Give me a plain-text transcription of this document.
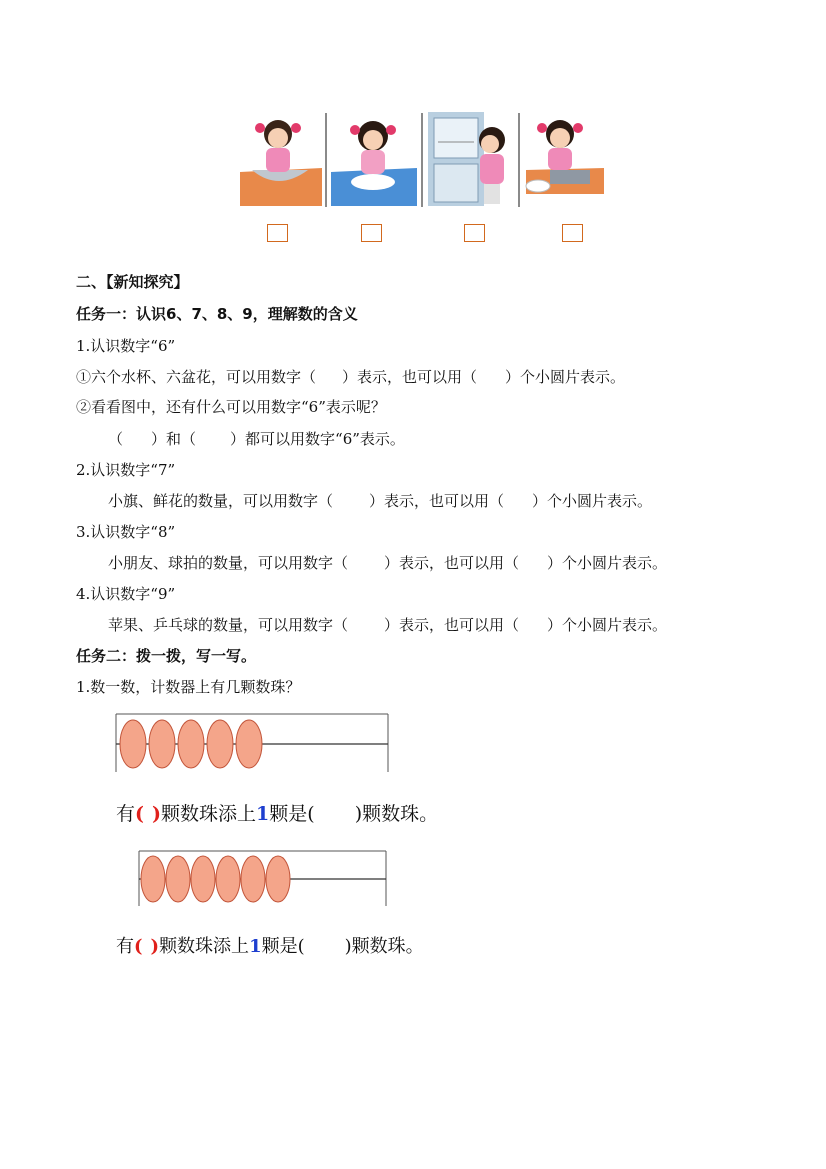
二、【新知探究】
任务一：认识6、7、8、9，理解数的含义
1.认识数字“6”
①六个水杯、六盆花，可以用数字（ ）表示，也可以用（ ）个小圆片表示。
②看看图中，还有什么可以用数字“6”表示呢？
（ ）和（ ）都可以用数字“6”表示。
2.认识数字“7”
小旗、鲜花的数量，可以用数字（ ）表示，也可以用（ ）个小圆片表示。
3.认识数字“8”
小朋友、球拍的数量，可以用数字（ ）表示，也可以用（ ）个小圆片表示。
4.认识数字“9”
苹果、乒乓球的数量，可以用数字（ ）表示，也可以用（ ）个小圆片表示。
任务二：拨一拨，写一写。
1.数一数，计数器上有几颗数珠？
有( )颗数珠添上1颗是( )颗数珠。
有( )颗数珠添上1颗是( )颗数珠。
